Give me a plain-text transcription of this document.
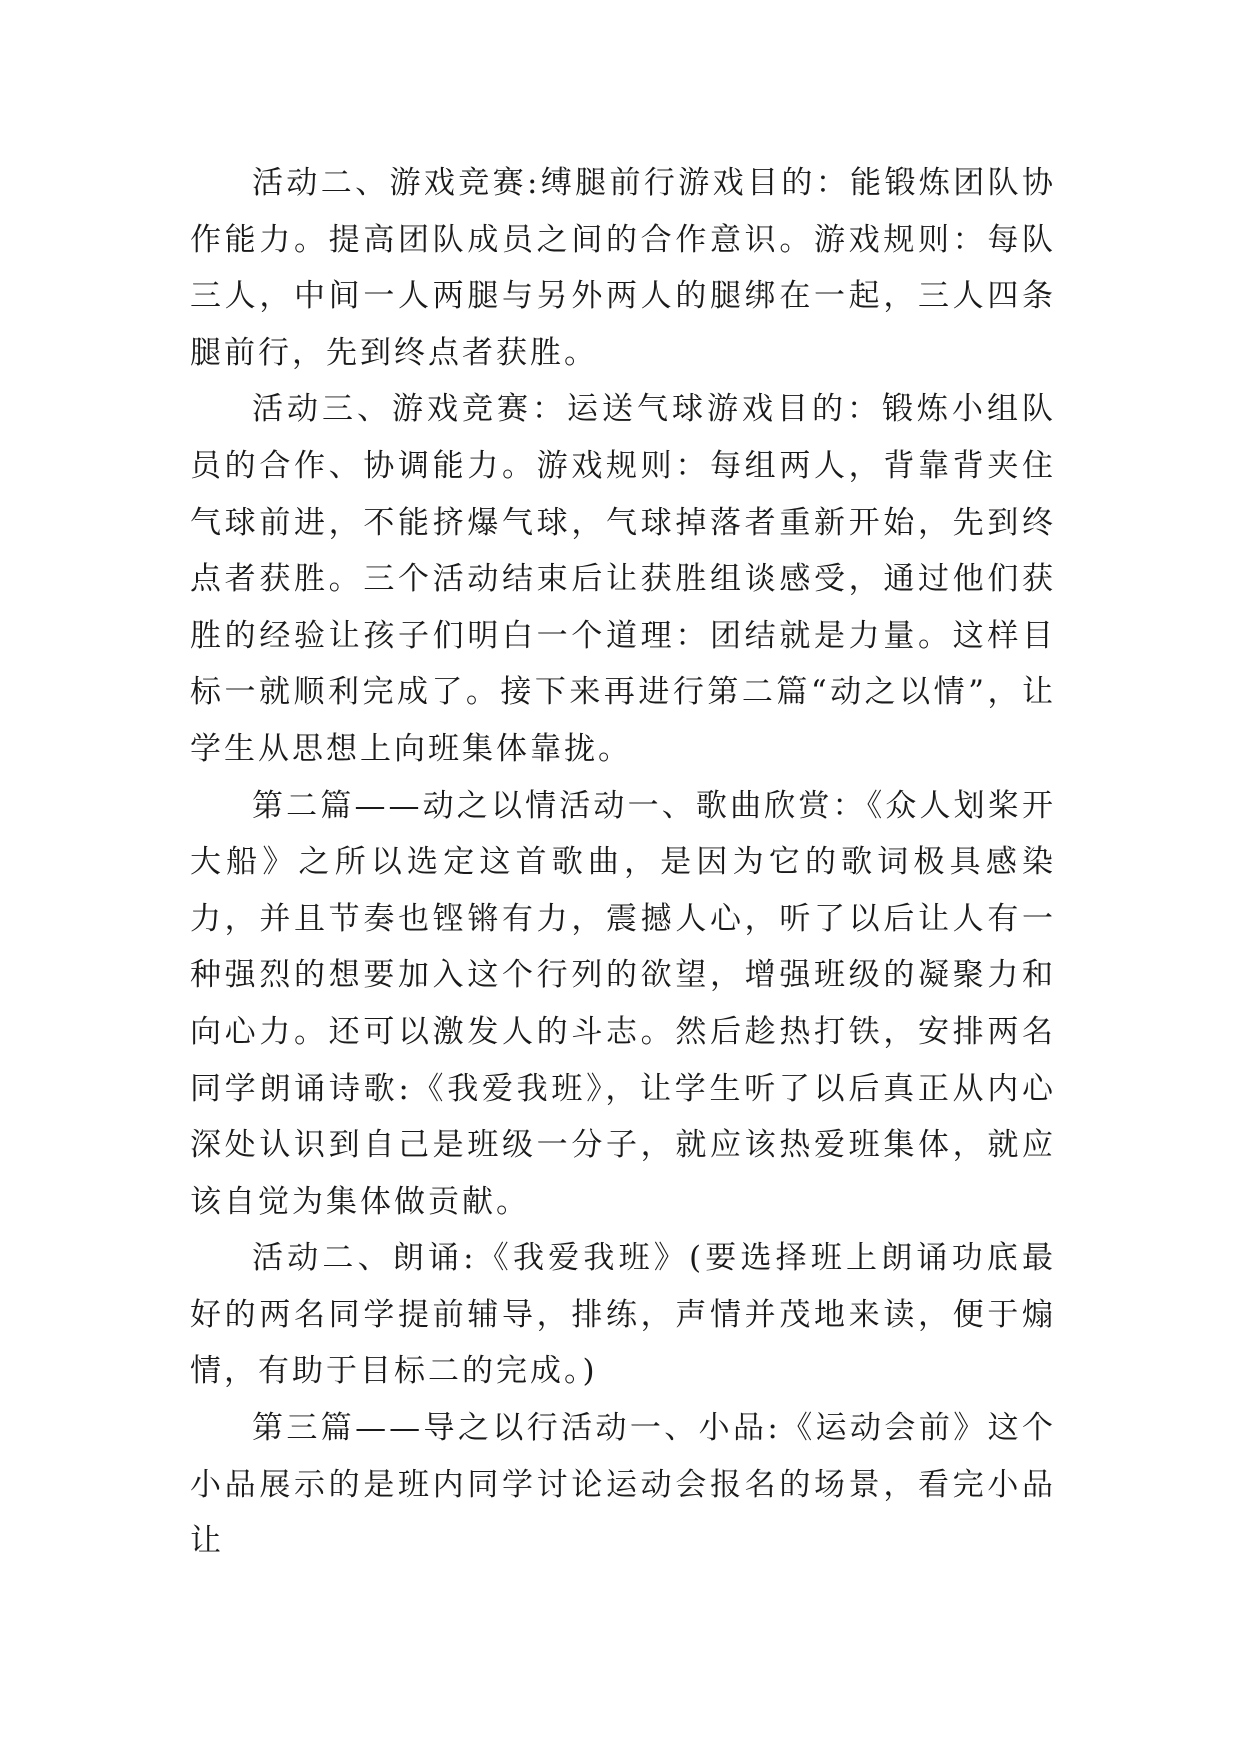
活动二、游戏竞赛:缚腿前行游戏目的：能锻炼团队协作能力。提高团队成员之间的合作意识。游戏规则：每队三人，中间一人两腿与另外两人的腿绑在一起，三人四条腿前行，先到终点者获胜。

活动三、游戏竞赛：运送气球游戏目的：锻炼小组队员的合作、协调能力。游戏规则：每组两人，背靠背夹住气球前进，不能挤爆气球，气球掉落者重新开始，先到终点者获胜。三个活动结束后让获胜组谈感受，通过他们获胜的经验让孩子们明白一个道理：团结就是力量。这样目标一就顺利完成了。接下来再进行第二篇“动之以情”，让学生从思想上向班集体靠拢。

第二篇——动之以情活动一、歌曲欣赏：《众人划桨开大船》之所以选定这首歌曲，是因为它的歌词极具感染力，并且节奏也铿锵有力，震撼人心，听了以后让人有一种强烈的想要加入这个行列的欲望，增强班级的凝聚力和向心力。还可以激发人的斗志。然后趁热打铁，安排两名同学朗诵诗歌:《我爱我班》，让学生听了以后真正从内心深处认识到自己是班级一分子，就应该热爱班集体，就应该自觉为集体做贡献。

活动二、朗诵:《我爱我班》(要选择班上朗诵功底最好的两名同学提前辅导，排练，声情并茂地来读，便于煽情，有助于目标二的完成。)

第三篇——导之以行活动一、小品:《运动会前》这个小品展示的是班内同学讨论运动会报名的场景，看完小品让
